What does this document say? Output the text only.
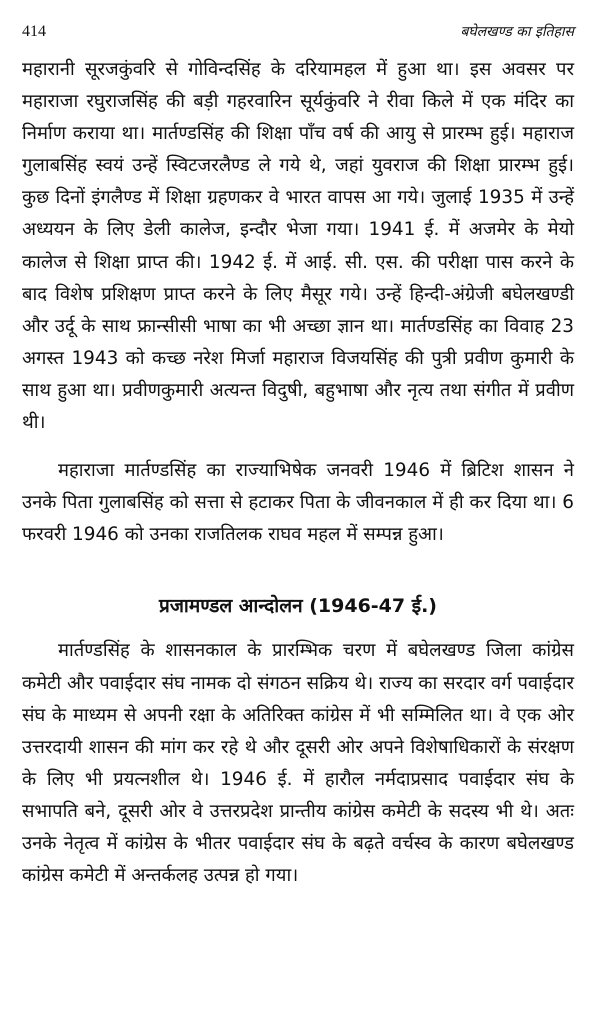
414	बघेलखण्ड का इतिहास

महारानी सूरजकुंवरि से गोविन्दसिंह के दरियामहल में हुआ था। इस अवसर पर महाराजा रघुराजसिंह की बड़ी गहरवारिन सूर्यकुंवरि ने रीवा किले में एक मंदिर का निर्माण कराया था। मार्तण्डसिंह की शिक्षा पाँच वर्ष की आयु से प्रारम्भ हुई। महाराज गुलाबसिंह स्वयं उन्हें स्विटजरलैण्ड ले गये थे, जहां युवराज की शिक्षा प्रारम्भ हुई। कुछ दिनों इंगलैण्ड में शिक्षा ग्रहणकर वे भारत वापस आ गये। जुलाई 1935 में उन्हें अध्ययन के लिए डेली कालेज, इन्दौर भेजा गया। 1941 ई. में अजमेर के मेयो कालेज से शिक्षा प्राप्त की। 1942 ई. में आई. सी. एस. की परीक्षा पास करने के बाद विशेष प्रशिक्षण प्राप्त करने के लिए मैसूर गये। उन्हें हिन्दी-अंग्रेजी बघेलखण्डी और उर्दू के साथ फ्रान्सीसी भाषा का भी अच्छा ज्ञान था। मार्तण्डसिंह का विवाह 23 अगस्त 1943 को कच्छ नरेश मिर्जा महाराज विजयसिंह की पुत्री प्रवीण कुमारी के साथ हुआ था। प्रवीणकुमारी अत्यन्त विदुषी, बहुभाषा और नृत्य तथा संगीत में प्रवीण थी।

महाराजा मार्तण्डसिंह का राज्याभिषेक जनवरी 1946 में ब्रिटिश शासन ने उनके पिता गुलाबसिंह को सत्ता से हटाकर पिता के जीवनकाल में ही कर दिया था। 6 फरवरी 1946 को उनका राजतिलक राघव महल में सम्पन्न हुआ।

प्रजामण्डल आन्दोलन (1946-47 ई.)

मार्तण्डसिंह के शासनकाल के प्रारम्भिक चरण में बघेलखण्ड जिला कांग्रेस कमेटी और पवाईदार संघ नामक दो संगठन सक्रिय थे। राज्य का सरदार वर्ग पवाईदार संघ के माध्यम से अपनी रक्षा के अतिरिक्त कांग्रेस में भी सम्मिलित था। वे एक ओर उत्तरदायी शासन की मांग कर रहे थे और दूसरी ओर अपने विशेषाधिकारों के संरक्षण के लिए भी प्रयत्नशील थे। 1946 ई. में हारौल नर्मदाप्रसाद पवाईदार संघ के सभापति बने, दूसरी ओर वे उत्तरप्रदेश प्रान्तीय कांग्रेस कमेटी के सदस्य भी थे। अतः उनके नेतृत्व में कांग्रेस के भीतर पवाईदार संघ के बढ़ते वर्चस्व के कारण बघेलखण्ड कांग्रेस कमेटी में अन्तर्कलह उत्पन्न हो गया।
